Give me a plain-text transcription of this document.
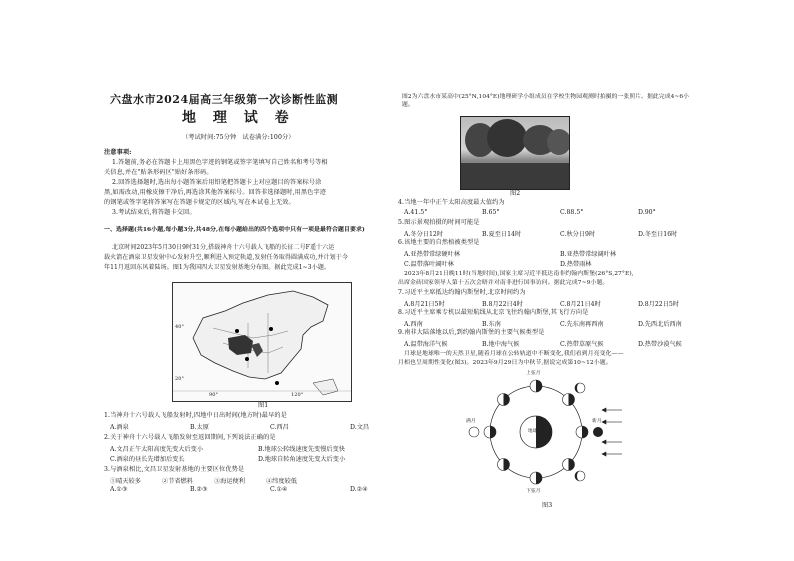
六盘水市2024届高三年级第一次诊断性监测
地 理 试 卷
（考试时间:75分钟　试卷满分:100分）
注意事项:
1.答题前,务必在答题卡上用黑色字迹的钢笔或签字笔填写自己姓名和考号等相
关信息,并在"贴条形码区"贴好条形码。
2.回答选择题时,选出每小题答案后用铅笔把答题卡上对应题目的答案标号涂
黑,如需改动,用橡皮擦干净后,再选涂其他答案标号。回答非选择题时,用黑色字迹
的钢笔或签字笔将答案写在答题卡规定的区域内,写在本试卷上无效。
3.考试结束后,将答题卡交回。
一、选择题(共16小题,每小题3分,共48分,在每小题给出的四个选项中只有一项是最符合题目要求)
北京时间2023年5月30日9时31分,搭载神舟十六号载人飞船的长征二号F遥十六运
载火箭在酒泉卫星发射中心发射升空,顺利进入预定轨道,发射任务取得圆满成功,并计划于今
年11月返回东风着陆场。图1为我国四大卫星发射基地分布图。据此完成1~3小题。
90°	120°
40°
20°
图1
1.当神舟十六号载人飞船发射时,四地中日出时间(地方时)最早的是
A.酒泉	B.太原	C.西昌	D.文昌
2.关于神舟十六号载人飞船发射至返回期间,下列说法正确的是
A.文昌正午太阳高度先变大后变小	B.地球公转线速度先变慢后变快
C.酒泉的昼长先增加后变长	D.地球自转角速度先变大后变小
3.与酒泉相比,文昌卫星发射基地的主要区位优势是
①晴天较多	②节省燃料	③海运便利	④纬度较低
A.①③	B.②③	C.①④	D.②④
图2为六盘水市某高中(25°N,104°E)地理研学小组成员在学校生物园观测时拍摄的一张照片。据此完成4~6小题。
图2
4.当地一年中正午太阳高度最大值约为
A.41.5°	B.65°	C.88.5°	D.90°
5.图示景观拍摄的时间可能是
A.冬分日12时	B.夏至日14时	C.秋分日9时	D.冬至日16时
6.该地主要的自然植被类型是
A.亚热带常绿硬叶林	B.亚热带常绿阔叶林
C.温带落叶阔叶林	D.热带雨林
2023年8月21日晚11时(当地时间),国家主席习近平抵达南非约翰内斯堡(26°S,27°E),
出席金砖国家领导人第十五次会晤并对南非进行国事访问。据此完成7~9小题。
7.习近平主席抵达约翰内斯堡时,北京时间约为
A.8月21日5时	B.8月22日4时	C.8月21日4时	D.8月22日5时
8.习近平主席乘专机以最短航线从北京飞往约翰内斯堡,其飞行方向是
A.西南	B.东南	C.先东南再西南	D.先西北后西南
9.南非大陆落地以后,到约翰内斯堡的主要气候类型是
A.温带海洋气候	B.地中海气候	C.热带草原气候	D.热带沙漠气候
月球是地球唯一的天然卫星,随着月球在公转轨道中不断变化,我们看到月亮变化——
月相也呈周期性变化(图3)。2023年9月29日为中秋节,据说完成第10~12小题。
上弦月
下弦月
满月	新月
地球
图3
